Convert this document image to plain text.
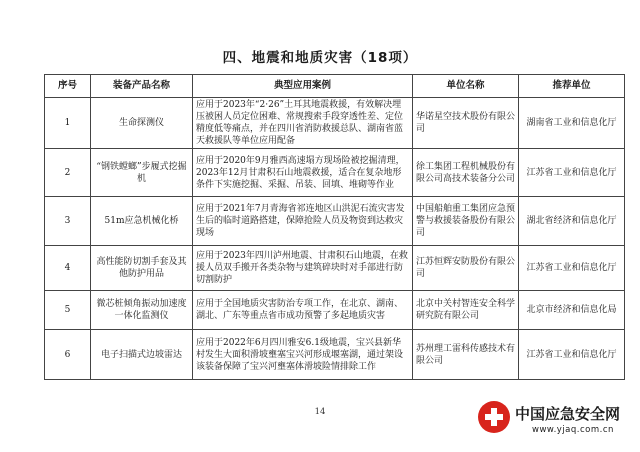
四、地震和地质灾害（18项）
序号	装备产品名称	典型应用案例	单位名称	推荐单位
1	生命探测仪	应用于2023年“2·26”土耳其地震救援，有效解决埋压被困人员定位困难、常规搜索手段穿透性差、定位精度低等痛点，并在四川省消防救援总队、湖南省蓝天救援队等单位应用配备	华诺星空技术股份有限公司	湖南省工业和信息化厅
2	“钢铁螳螂”步履式挖掘机	应用于2020年9月雅西高速塌方现场险被挖掘清理，2023年12月甘肃积石山地震救援，适合在复杂地形条件下实施挖掘、采掘、吊装、回填、堆砌等作业	徐工集团工程机械股份有限公司高技术装备分公司	江苏省工业和信息化厅
3	51m应急机械化桥	应用于2021年7月青海省祁连地区山洪泥石流灾害发生后的临时道路搭建，保障抢险人员及物资到达救灾现场	中国船舶重工集团应急预警与救援装备股份有限公司	湖北省经济和信息化厅
4	高性能防切割手套及其他防护用品	应用于2023年四川泸州地震、甘肃积石山地震，在救援人员双手搬开各类杂物与建筑碎块时对手部进行防切割防护	江苏恒辉安防股份有限公司	江苏省工业和信息化厅
5	微芯桩倾角振动加速度一体化监测仪	应用于全国地质灾害防治专项工作，在北京、湖南、湖北、广东等重点省市成功预警了多起地质灾害	北京中关村智连安全科学研究院有限公司	北京市经济和信息化局
6	电子扫描式边坡雷达	应用于2022年6月四川雅安6.1级地震，宝兴县新华村发生大面积滑坡壅塞宝兴河形成堰塞湖，通过架设该装备保障了宝兴河壅塞体滑坡险情排除工作	苏州理工雷科传感技术有限公司	江苏省工业和信息化厅
14	中国应急安全网
www.yjaq.com.cn
